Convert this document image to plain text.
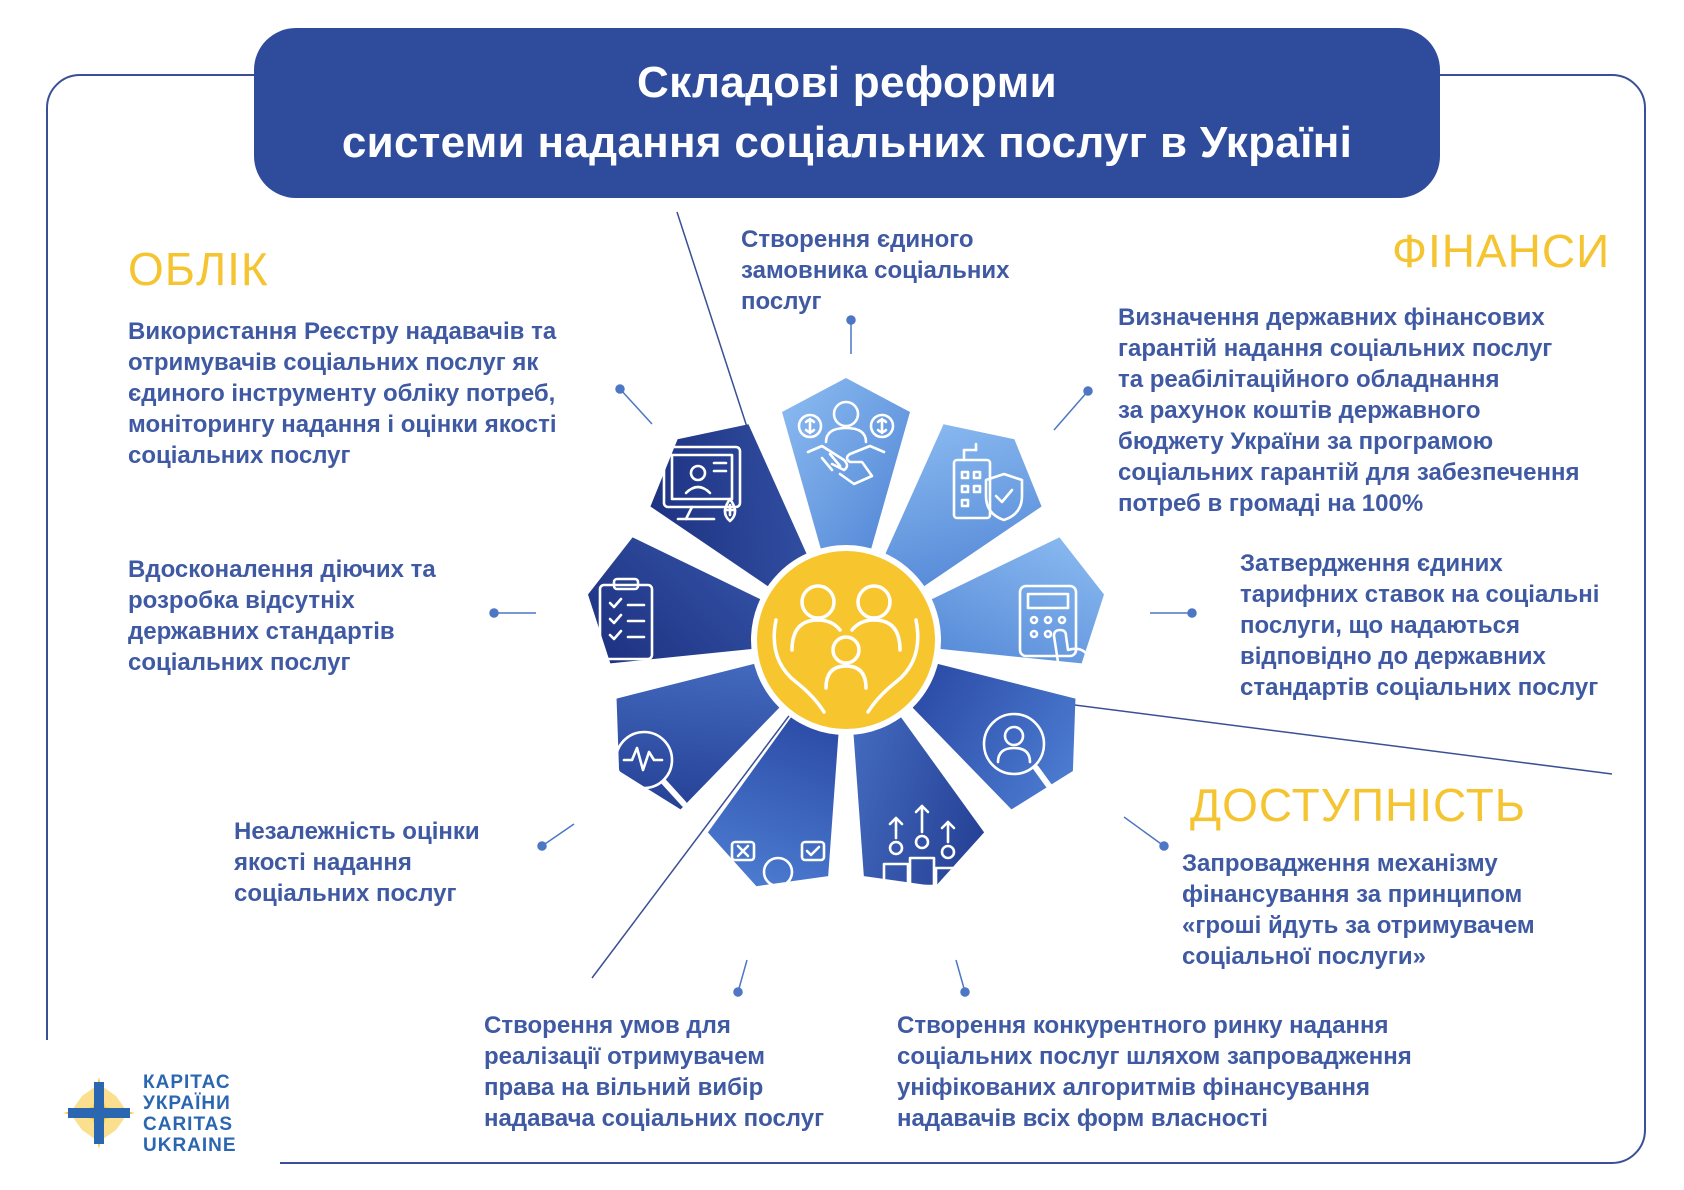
Складові реформи
системи надання соціальних послуг в Україні
ОБЛІК	ФІНАНСИ
ДОСТУПНІСТЬ
Використання Реєстру надавачів та
отримувачів соціальних послуг як
єдиного інструменту обліку потреб,
моніторингу надання і оцінки якості
соціальних послуг
Вдосконалення діючих та
розробка відсутніх
державних стандартів
соціальних послуг
Незалежність оцінки
якості надання
соціальних послуг
Створення умов для
реалізації отримувачем
права на вільний вибір
надавача соціальних послуг
Створення конкурентного ринку надання
соціальних послуг шляхом запровадження
уніфікованих алгоритмів фінансування
надавачів всіх форм власності
Запровадження механізму
фінансування за принципом
«гроші йдуть за отримувачем
соціальної послуги»
Затвердження єдиних
тарифних ставок на соціальні
послуги, що надаються
відповідно до державних
стандартів соціальних послуг
Визначення державних фінансових
гарантій надання соціальних послуг
та реабілітаційного обладнання
за рахунок коштів державного
бюджету України за програмою
соціальних гарантій для забезпечення
потреб в громаді на 100%
Створення єдиного
замовника соціальних
послуг
КАРІТАС
УКРАЇНИ
CARITAS
UKRAINE
